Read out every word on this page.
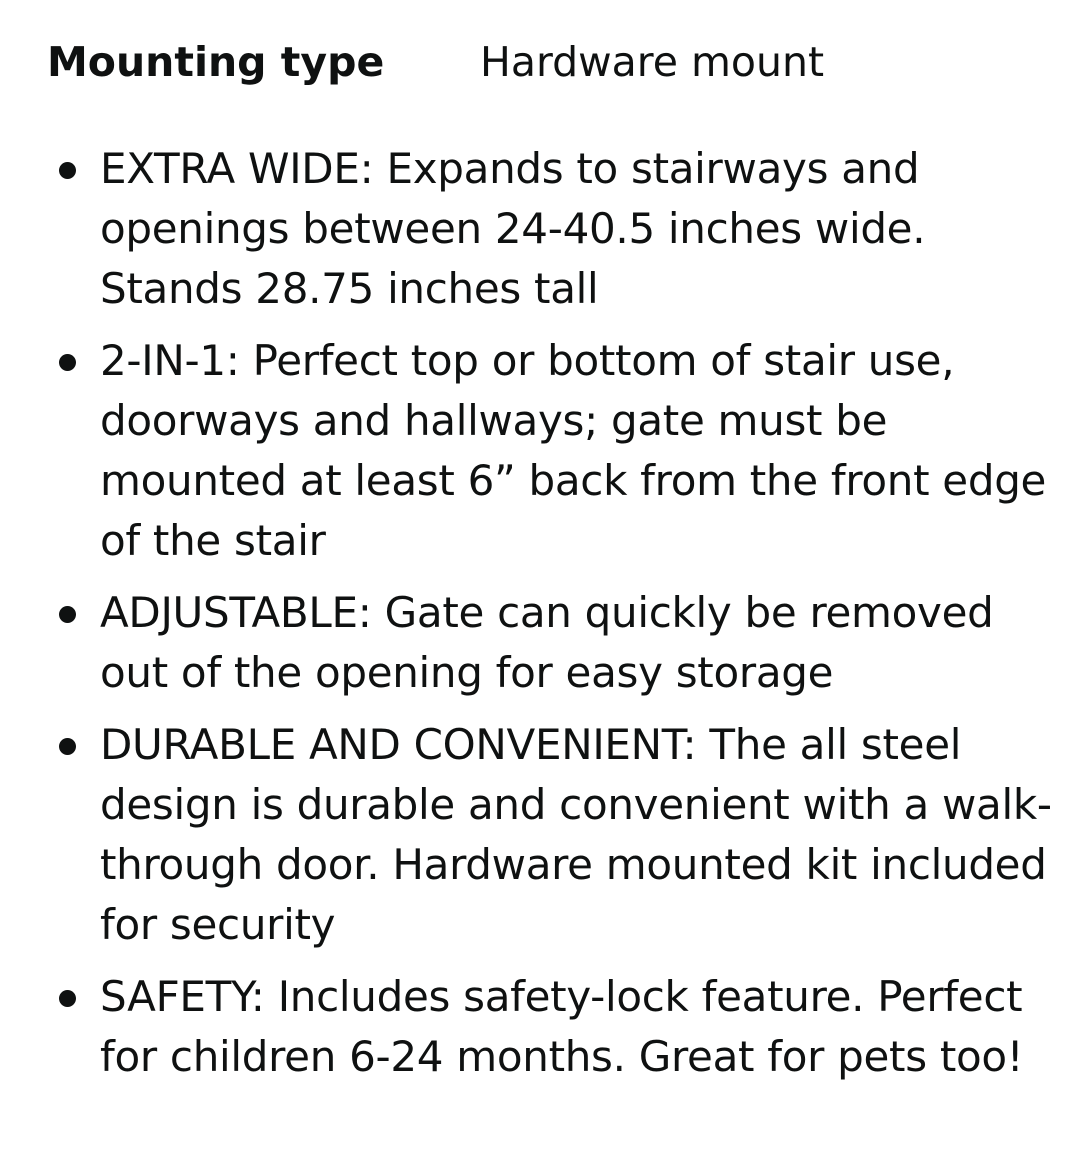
Mounting type Hardware mount
EXTRA WIDE: Expands to stairways and openings between 24-40.5 inches wide. Stands 28.75 inches tall
2-IN-1: Perfect top or bottom of stair use, doorways and hallways; gate must be mounted at least 6” back from the front edge of the stair
ADJUSTABLE: Gate can quickly be removed out of the opening for easy storage
DURABLE AND CONVENIENT: The all steel design is durable and convenient with a walk-through door. Hardware mounted kit included for security
SAFETY: Includes safety-lock feature. Perfect for children 6-24 months. Great for pets too!
